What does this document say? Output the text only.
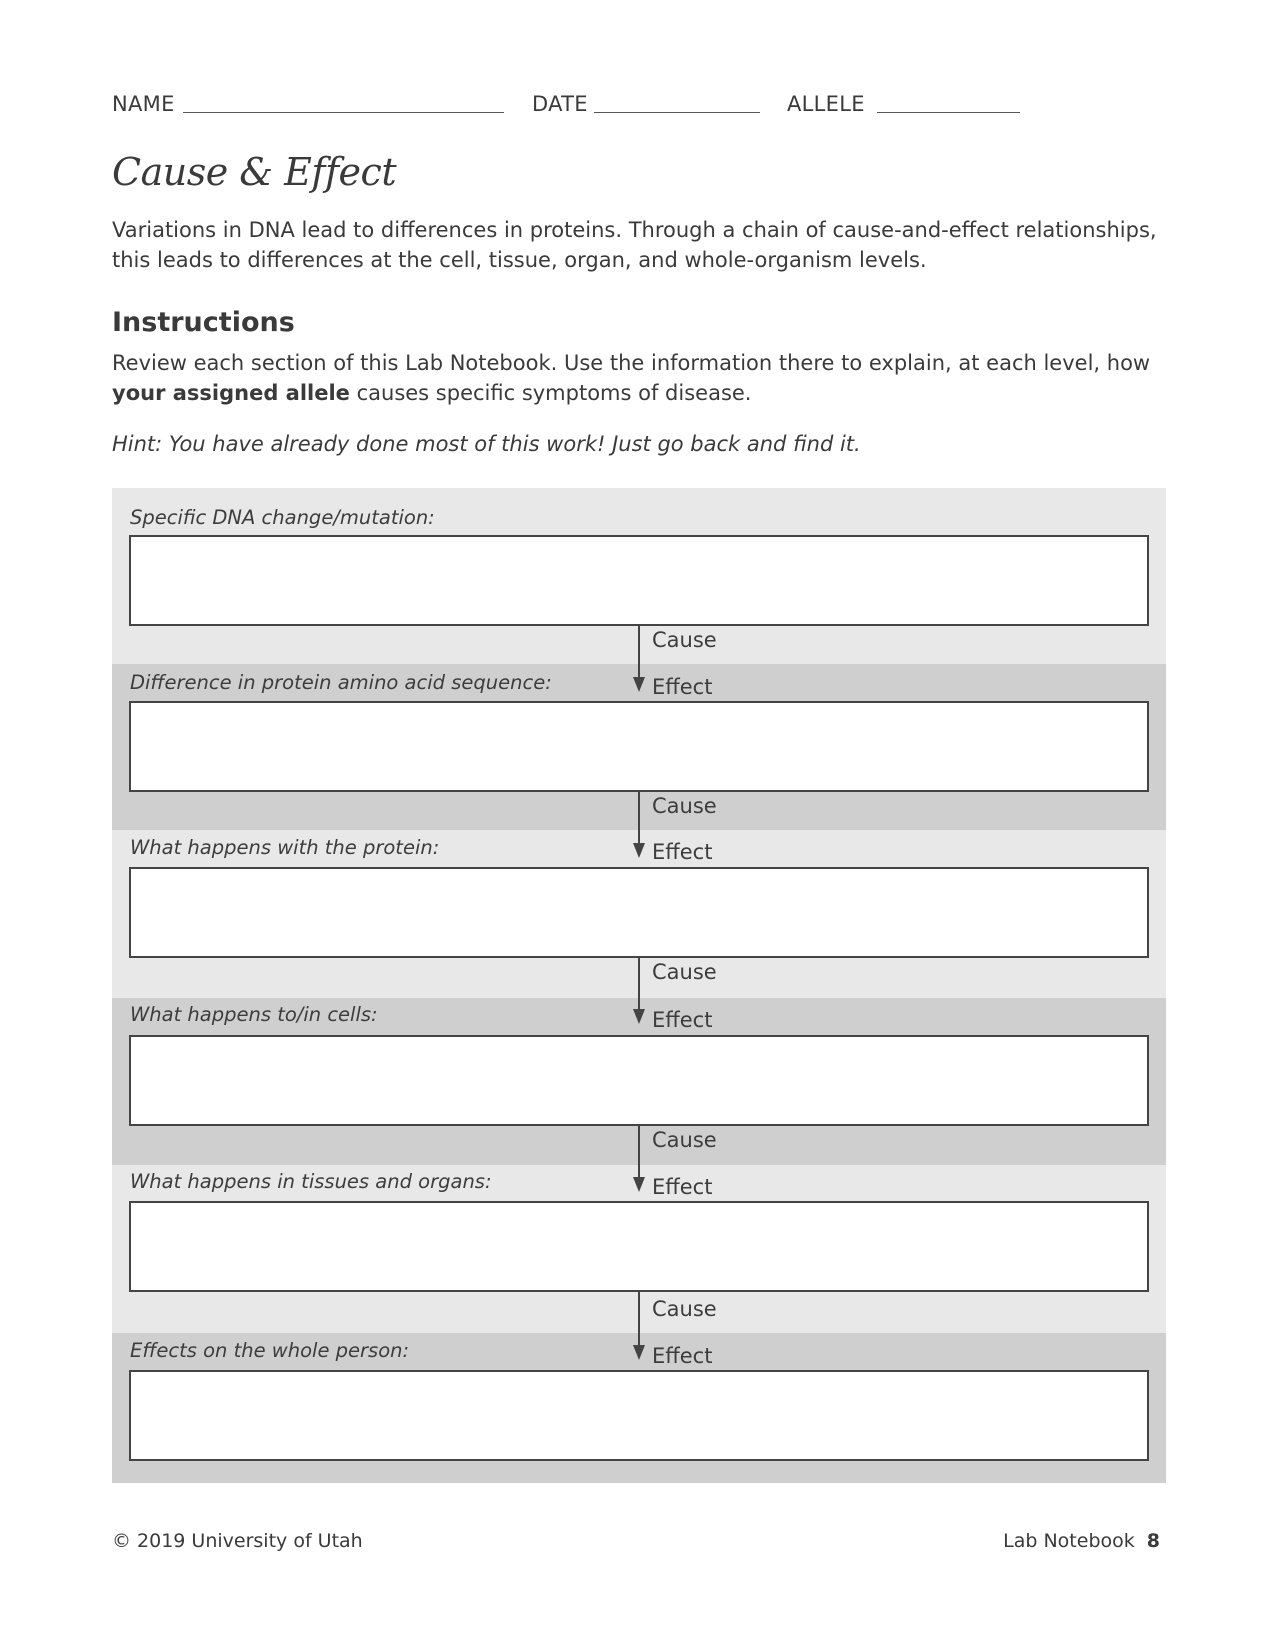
NAME	DATE	ALLELE
Cause & Effect

Variations in DNA lead to differences in proteins. Through a chain of cause-and-effect relationships, this leads to differences at the cell, tissue, organ, and whole-organism levels.

Instructions

Review each section of this Lab Notebook. Use the information there to explain, at each level, how your assigned allele causes specific symptoms of disease.

Hint: You have already done most of this work! Just go back and find it.

Specific DNA change/mutation:
Difference in protein amino acid sequence:
What happens with the protein:
What happens to/in cells:
What happens in tissues and organs:
Effects on the whole person:
Cause
Effect
Cause
Effect
Cause
Effect
Cause
Effect
Cause
Effect
© 2019 University of Utah	Lab Notebook 8
